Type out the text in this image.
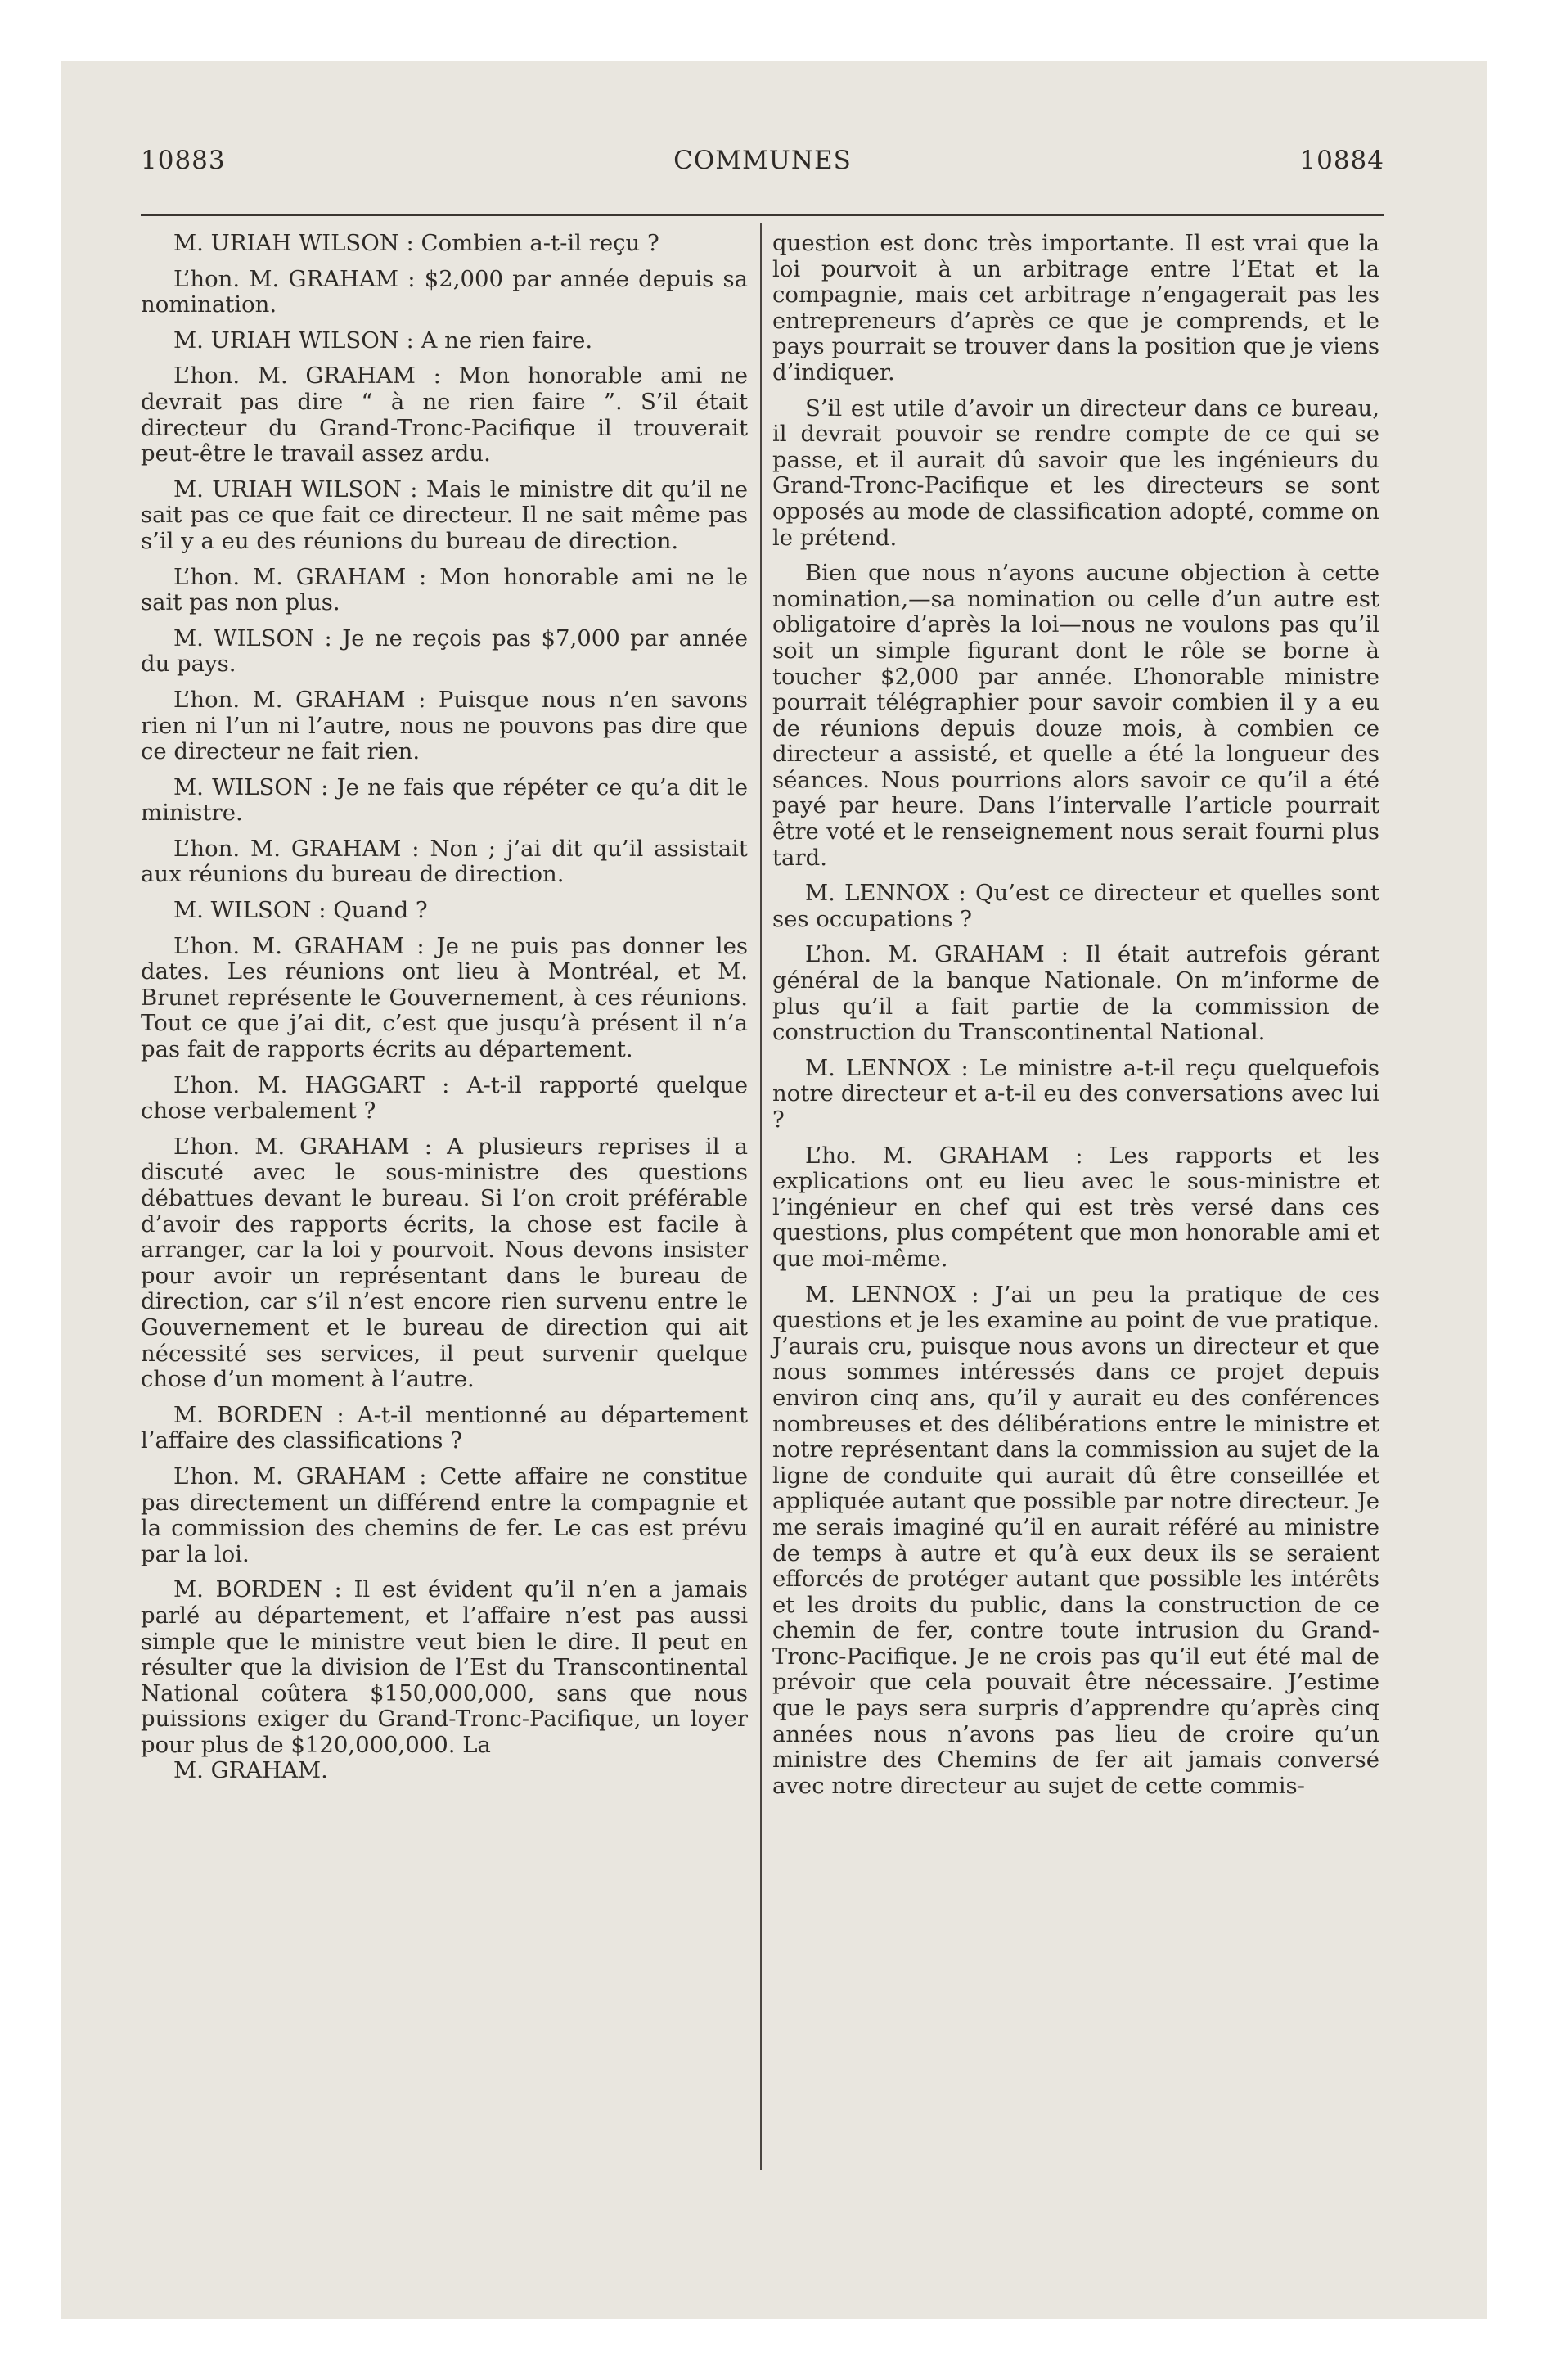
10883	COMMUNES	10884

M. URIAH WILSON : Combien a-t-il reçu ?

L’hon. M. GRAHAM : $2,000 par année depuis sa nomination.

M. URIAH WILSON : A ne rien faire.

L’hon. M. GRAHAM : Mon honorable ami ne devrait pas dire “ à ne rien faire ”. S’il était directeur du Grand-Tronc-Pacifique il trouverait peut-être le travail assez ardu.

M. URIAH WILSON : Mais le ministre dit qu’il ne sait pas ce que fait ce directeur. Il ne sait même pas s’il y a eu des réunions du bureau de direction.

L’hon. M. GRAHAM : Mon honorable ami ne le sait pas non plus.

M. WILSON : Je ne reçois pas $7,000 par année du pays.

L’hon. M. GRAHAM : Puisque nous n’en savons rien ni l’un ni l’autre, nous ne pouvons pas dire que ce directeur ne fait rien.

M. WILSON : Je ne fais que répéter ce qu’a dit le ministre.

L’hon. M. GRAHAM : Non ; j’ai dit qu’il assistait aux réunions du bureau de direction.

M. WILSON : Quand ?

L’hon. M. GRAHAM : Je ne puis pas donner les dates. Les réunions ont lieu à Montréal, et M. Brunet représente le Gouvernement, à ces réunions. Tout ce que j’ai dit, c’est que jusqu’à présent il n’a pas fait de rapports écrits au département.

L’hon. M. HAGGART : A-t-il rapporté quelque chose verbalement ?

L’hon. M. GRAHAM : A plusieurs reprises il a discuté avec le sous-ministre des questions débattues devant le bureau. Si l’on croit préférable d’avoir des rapports écrits, la chose est facile à arranger, car la loi y pourvoit. Nous devons insister pour avoir un représentant dans le bureau de direction, car s’il n’est encore rien survenu entre le Gouvernement et le bureau de direction qui ait nécessité ses services, il peut survenir quelque chose d’un moment à l’autre.

M. BORDEN : A-t-il mentionné au département l’affaire des classifications ?

L’hon. M. GRAHAM : Cette affaire ne constitue pas directement un différend entre la compagnie et la commission des chemins de fer. Le cas est prévu par la loi.

M. BORDEN : Il est évident qu’il n’en a jamais parlé au département, et l’affaire n’est pas aussi simple que le ministre veut bien le dire. Il peut en résulter que la division de l’Est du Transcontinental National coûtera $150,000,000, sans que nous puissions exiger du Grand-Tronc-Pacifique, un loyer pour plus de $120,000,000. La

M. GRAHAM.

question est donc très importante. Il est vrai que la loi pourvoit à un arbitrage entre l’Etat et la compagnie, mais cet arbitrage n’engagerait pas les entrepreneurs d’après ce que je comprends, et le pays pourrait se trouver dans la position que je viens d’indiquer.

S’il est utile d’avoir un directeur dans ce bureau, il devrait pouvoir se rendre compte de ce qui se passe, et il aurait dû savoir que les ingénieurs du Grand-Tronc-Pacifique et les directeurs se sont opposés au mode de classification adopté, comme on le prétend.

Bien que nous n’ayons aucune objection à cette nomination,—sa nomination ou celle d’un autre est obligatoire d’après la loi—nous ne voulons pas qu’il soit un simple figurant dont le rôle se borne à toucher $2,000 par année. L’honorable ministre pourrait télégraphier pour savoir combien il y a eu de réunions depuis douze mois, à combien ce directeur a assisté, et quelle a été la longueur des séances. Nous pourrions alors savoir ce qu’il a été payé par heure. Dans l’intervalle l’article pourrait être voté et le renseignement nous serait fourni plus tard.

M. LENNOX : Qu’est ce directeur et quelles sont ses occupations ?

L’hon. M. GRAHAM : Il était autrefois gérant général de la banque Nationale. On m’informe de plus qu’il a fait partie de la commission de construction du Transcontinental National.

M. LENNOX : Le ministre a-t-il reçu quelquefois notre directeur et a-t-il eu des conversations avec lui ?

L’ho. M. GRAHAM : Les rapports et les explications ont eu lieu avec le sous-ministre et l’ingénieur en chef qui est très versé dans ces questions, plus compétent que mon honorable ami et que moi-même.

M. LENNOX : J’ai un peu la pratique de ces questions et je les examine au point de vue pratique. J’aurais cru, puisque nous avons un directeur et que nous sommes intéressés dans ce projet depuis environ cinq ans, qu’il y aurait eu des conférences nombreuses et des délibérations entre le ministre et notre représentant dans la commission au sujet de la ligne de conduite qui aurait dû être conseillée et appliquée autant que possible par notre directeur. Je me serais imaginé qu’il en aurait référé au ministre de temps à autre et qu’à eux deux ils se seraient efforcés de protéger autant que possible les intérêts et les droits du public, dans la construction de ce chemin de fer, contre toute intrusion du Grand-Tronc-Pacifique. Je ne crois pas qu’il eut été mal de prévoir que cela pouvait être nécessaire. J’estime que le pays sera surpris d’apprendre qu’après cinq années nous n’avons pas lieu de croire qu’un ministre des Chemins de fer ait jamais conversé avec notre directeur au sujet de cette commis-
